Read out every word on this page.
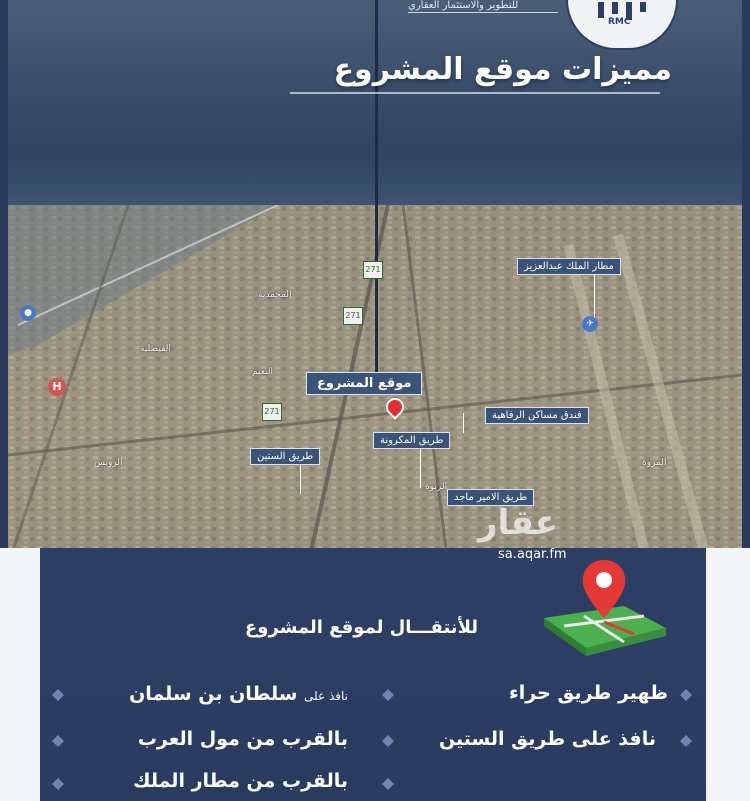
RMC
للتطوير والاستثمار العقاري
مميزات موقع المشروع
المحمدية
الفيصلية
النعيم
الرويس	المروة
الربوة
H
●
✈
271
271
271
مطار الملك عبدالعزيز
موقع المشروع
فندق مساكن الرفاهية
طريق المكرونة
طريق الستين
طريق الامير ماجد
عقار
sa.aqar.fm
للأنتقـــال لموقع المشروع
ظهير طريق حراء
نافذ على سلطان بن سلمان
نافذ على طريق الستين
بالقرب من مول العرب
بالقرب من مطار الملك
